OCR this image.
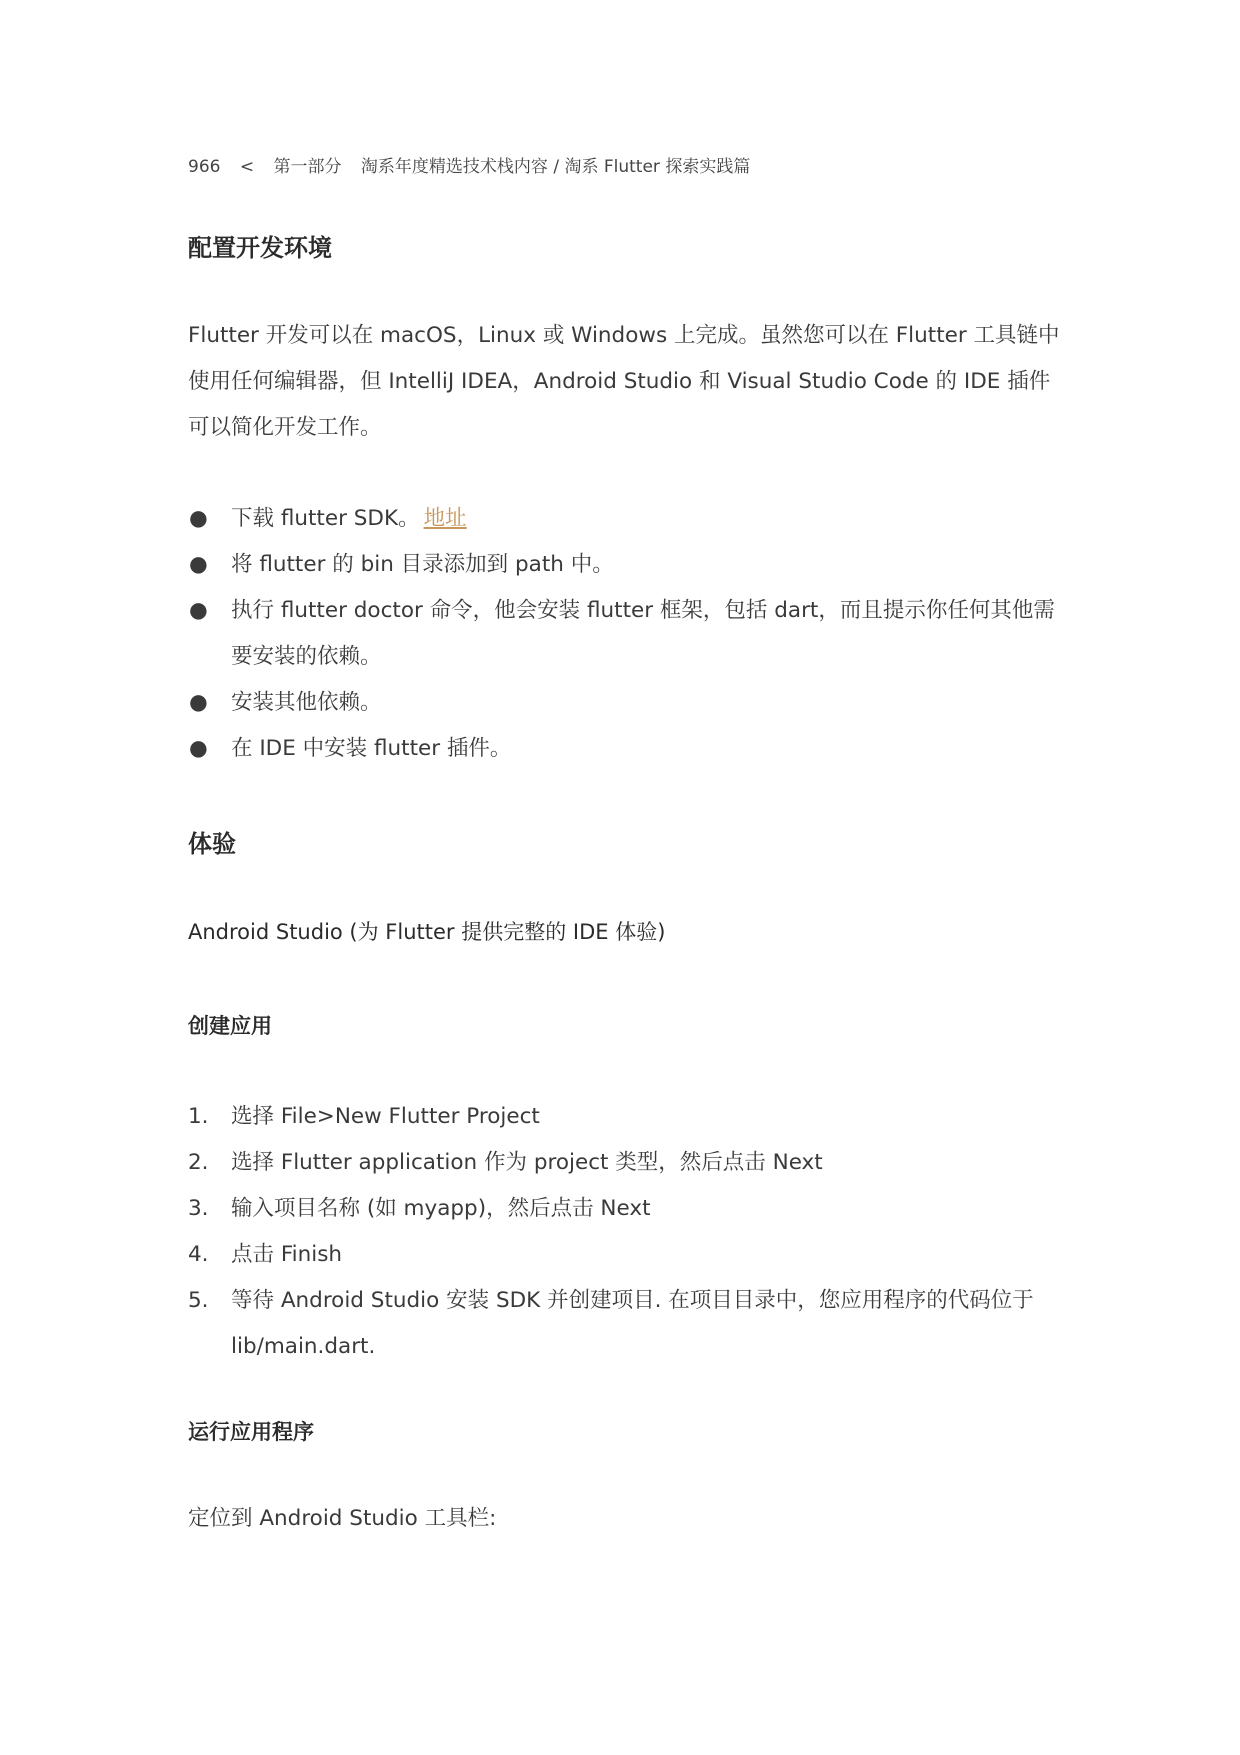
966 < 第一部分 淘系年度精选技术栈内容 / 淘系 Flutter 探索实践篇
配置开发环境
Flutter 开发可以在 macOS，Linux 或 Windows 上完成。虽然您可以在 Flutter 工具链中使用任何编辑器，但 IntelliJ IDEA，Android Studio 和 Visual Studio Code 的 IDE 插件可以简化开发工作。
● 下载 flutter SDK。 地址
● 将 flutter 的 bin 目录添加到 path 中。
● 执行 flutter doctor 命令，他会安装 flutter 框架，包括 dart，而且提示你任何其他需要安装的依赖。
● 安装其他依赖。
● 在 IDE 中安装 flutter 插件。
体验
Android Studio (为 Flutter 提供完整的 IDE 体验)
创建应用
1. 选择 File>New Flutter Project
2. 选择 Flutter application 作为 project 类型，然后点击 Next
3. 输入项目名称 (如 myapp)，然后点击 Next
4. 点击 Finish
5. 等待 Android Studio 安装 SDK 并创建项目. 在项目目录中，您应用程序的代码位于 lib/main.dart.
运行应用程序
定位到 Android Studio 工具栏:
